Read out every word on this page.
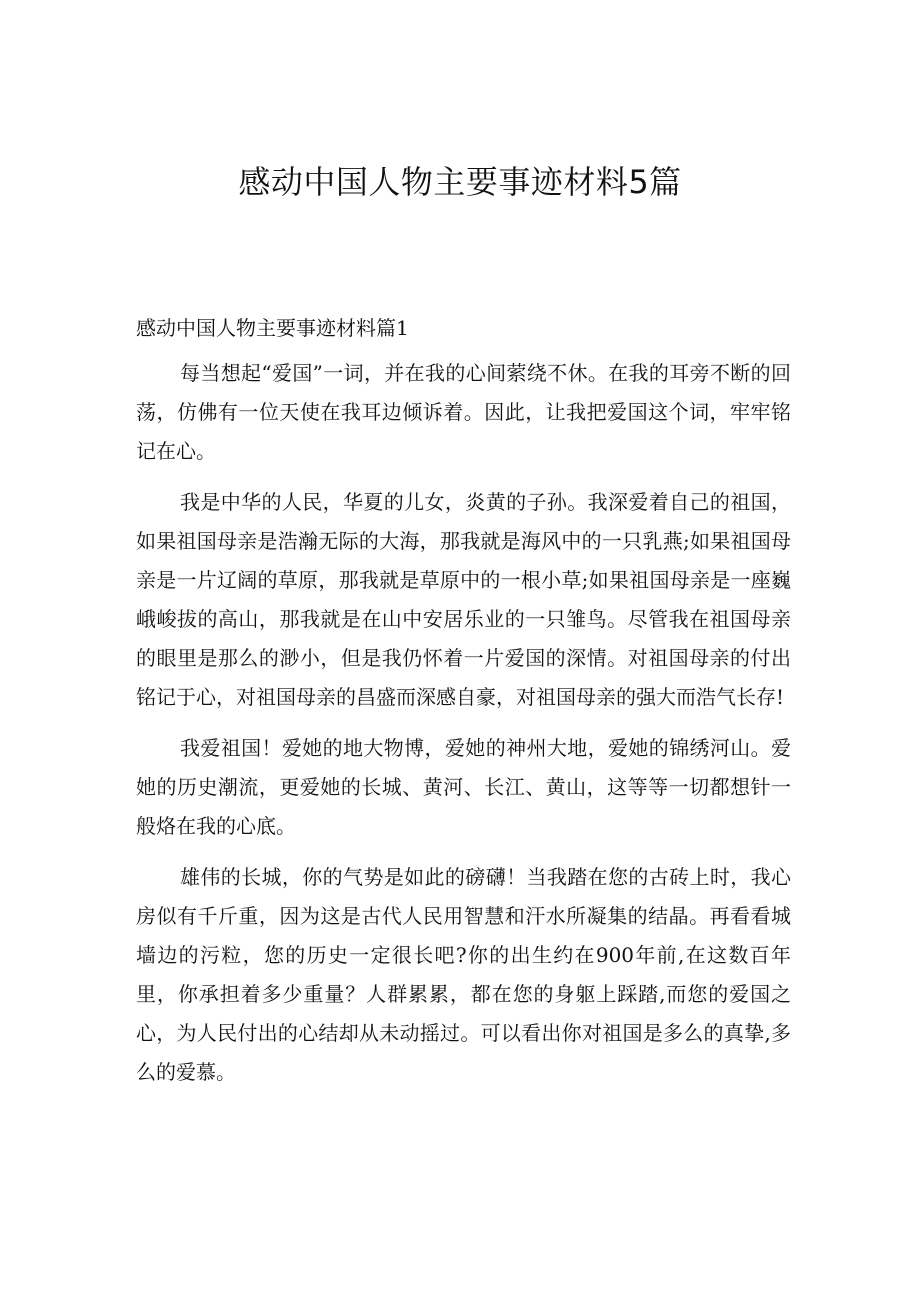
感动中国人物主要事迹材料5篇

感动中国人物主要事迹材料篇1

每当想起“爱国”一词，并在我的心间萦绕不休。在我的耳旁不断的回荡，仿佛有一位天使在我耳边倾诉着。因此，让我把爱国这个词，牢牢铭记在心。

我是中华的人民，华夏的儿女，炎黄的子孙。我深爱着自己的祖国，如果祖国母亲是浩瀚无际的大海，那我就是海风中的一只乳燕;如果祖国母亲是一片辽阔的草原，那我就是草原中的一根小草;如果祖国母亲是一座巍峨峻拔的高山，那我就是在山中安居乐业的一只雏鸟。尽管我在祖国母亲的眼里是那么的渺小，但是我仍怀着一片爱国的深情。对祖国母亲的付出铭记于心，对祖国母亲的昌盛而深感自豪，对祖国母亲的强大而浩气长存!

我爱祖国！爱她的地大物博，爱她的神州大地，爱她的锦绣河山。爱她的历史潮流，更爱她的长城、黄河、长江、黄山，这等等一切都想针一般烙在我的心底。

雄伟的长城，你的气势是如此的磅礴！当我踏在您的古砖上时，我心房似有千斤重，因为这是古代人民用智慧和汗水所凝集的结晶。再看看城墙边的污粒，您的历史一定很长吧?你的出生约在900年前,在这数百年里，你承担着多少重量？人群累累，都在您的身躯上踩踏,而您的爱国之心，为人民付出的心结却从未动摇过。可以看出你对祖国是多么的真挚,多么的爱慕。
